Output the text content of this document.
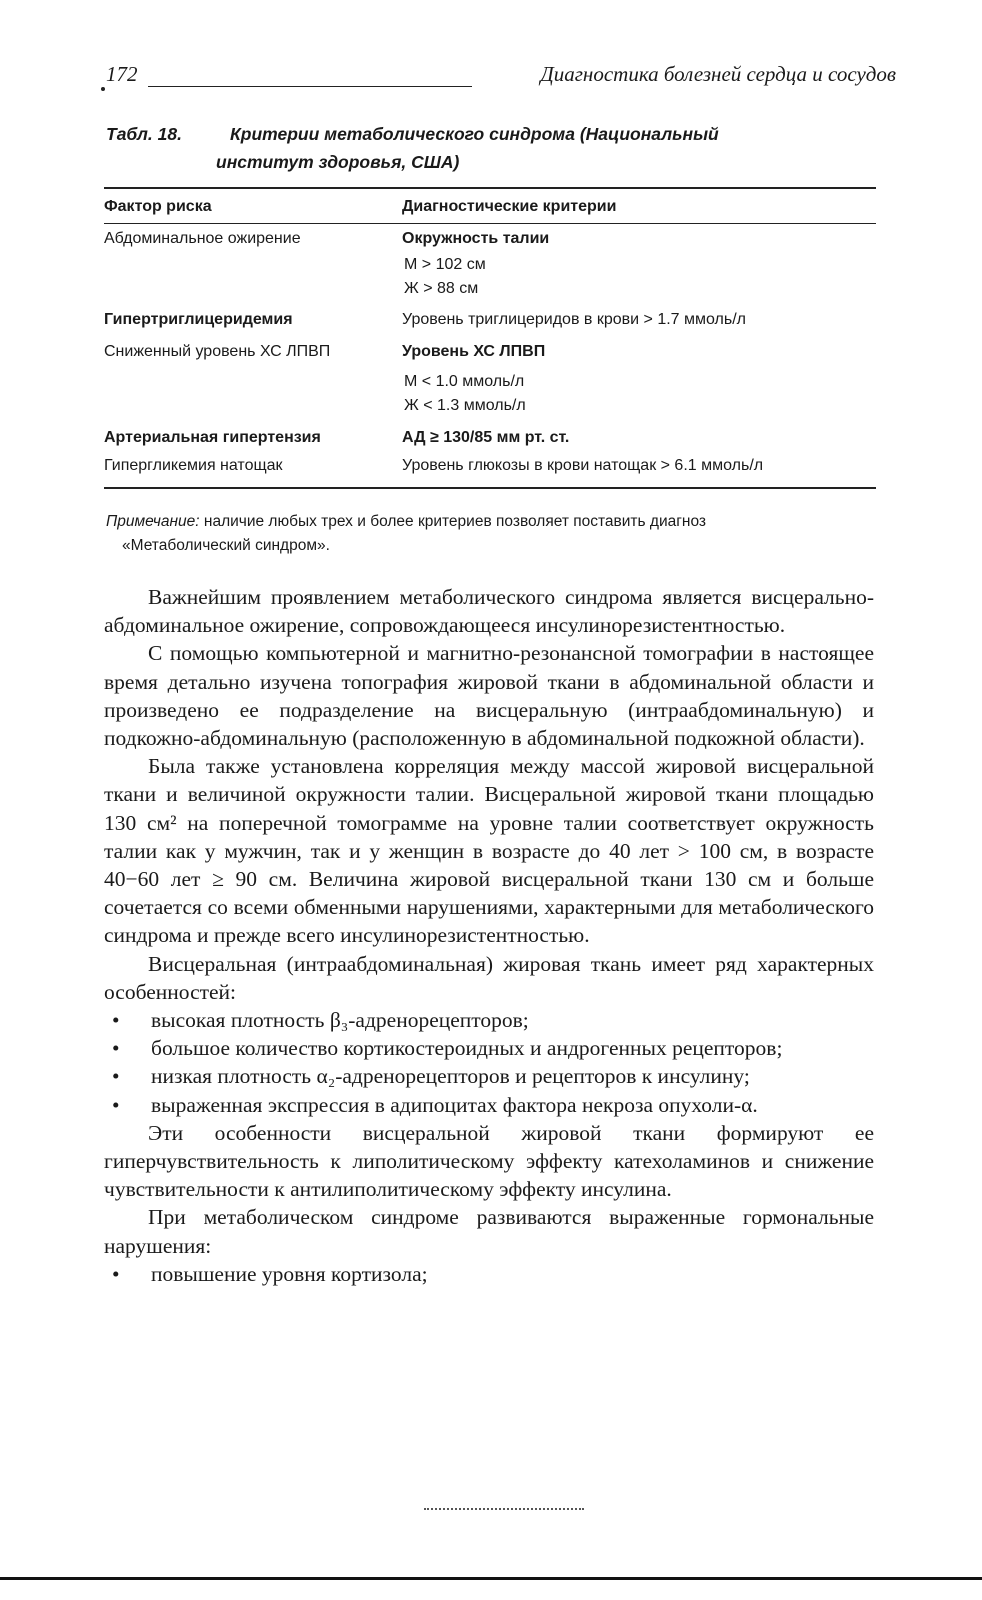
172	Диагностика болезней сердца и сосудов
Табл. 18.	Критерии метаболического синдрома (Национальный
институт здоровья, США)
Фактор риска	Диагностические критерии
Абдоминальное ожирение	Окружность талии
М > 102 см
Ж > 88 см
Гипертриглицеридемия	Уровень триглицеридов в крови > 1.7 ммоль/л
Сниженный уровень ХС ЛПВП	Уровень ХС ЛПВП
М < 1.0 ммоль/л
Ж < 1.3 ммоль/л
Артериальная гипертензия	АД ≥ 130/85 мм рт. ст.
Гипергликемия натощак	Уровень глюкозы в крови натощак > 6.1 ммоль/л
Примечание: наличие любых трех и более критериев позволяет поставить диагноз
«Метаболический синдром».

Важнейшим проявлением метаболического синдрома является висцерально-абдоминальное ожирение, сопровождающееся инсулинорезистентностью.

С помощью компьютерной и магнитно-резонансной томографии в настоящее время детально изучена топография жировой ткани в абдоминальной области и произведено ее подразделение на висцеральную (интраабдоминальную) и подкожно-абдоминальную (расположенную в абдоминальной подкожной области).

Была также установлена корреляция между массой жировой висцеральной ткани и величиной окружности талии. Висцеральной жировой ткани площадью 130 см² на поперечной томограмме на уровне талии соответствует окружность талии как у мужчин, так и у женщин в возрасте до 40 лет > 100 см, в возрасте 40−60 лет ≥ 90 см. Величина жировой висцеральной ткани 130 см и больше сочетается со всеми обменными нарушениями, характерными для метаболического синдрома и прежде всего инсулинорезистентностью.

Висцеральная (интраабдоминальная) жировая ткань имеет ряд характерных особенностей:

• высокая плотность β₃-адренорецепторов;
• большое количество кортикостероидных и андрогенных рецепторов;
• низкая плотность α₂-адренорецепторов и рецепторов к инсулину;
• выраженная экспрессия в адипоцитах фактора некроза опухоли-α.

Эти особенности висцеральной жировой ткани формируют ее гиперчувствительность к липолитическому эффекту катехоламинов и снижение чувствительности к антилиполитическому эффекту инсулина.

При метаболическом синдроме развиваются выраженные гормональные нарушения:

• повышение уровня кортизола;
